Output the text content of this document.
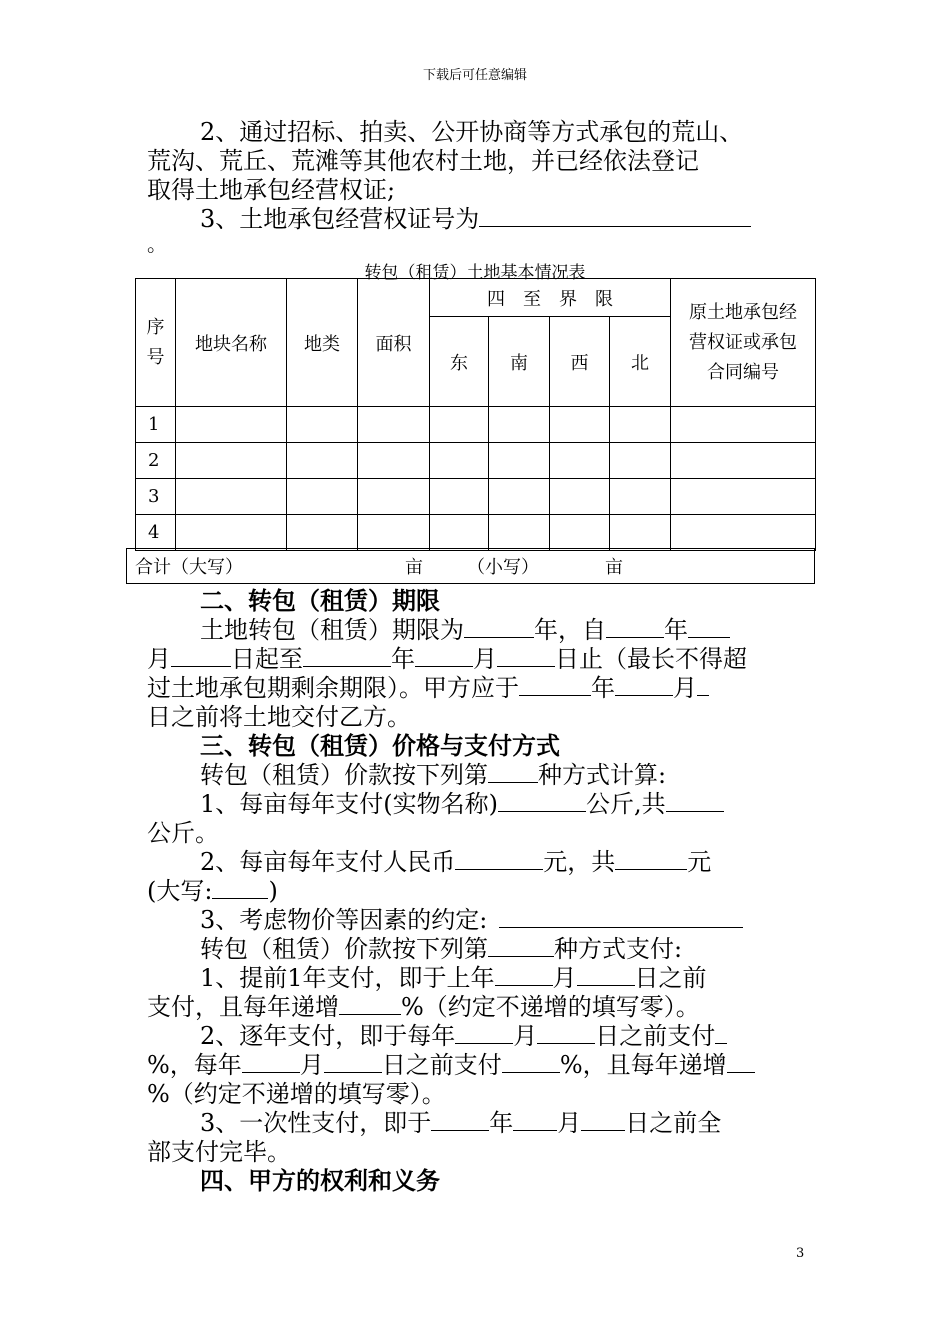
下载后可任意编辑
2、通过招标、拍卖、公开协商等方式承包的荒山、
荒沟、荒丘、荒滩等其他农村土地，并已经依法登记
取得土地承包经营权证;
3、土地承包经营权证号为
。
转包（租赁）土地基本情况表
序号	地块名称	地类	面积	四　至　界　限				原土地承包经营权证或承包合同编号

				东	南	西	北	
1								
2								
3								
4								
合计（大写）	亩 （小写）	亩
二、转包（租赁）期限
土地转包（租赁）期限为	年，自 年
月	日起至	年 月 日止（最长不得超
过土地承包期剩余期限）。甲方应于	年 月
日之前将土地交付乙方。
三、转包（租赁）价格与支付方式
转包（租赁）价款按下列第 种方式计算:
1、每亩每年支付(实物名称)	公斤,共
公斤。
2、每亩每年支付人民币	元，共	元
(大写: )
3、考虑物价等因素的约定:
转包（租赁）价款按下列第	种方式支付:
1、提前1年支付，即于上年 月 日之前
支付，且每年递增	%（约定不递增的填写零）。
2、逐年支付，即于每年 月 日之前支付
%，每年 月 日之前支付 %，且每年递增
%（约定不递增的填写零）。
3、一次性支付，即于 年 月 日之前全
部支付完毕。
四、甲方的权利和义务
3
